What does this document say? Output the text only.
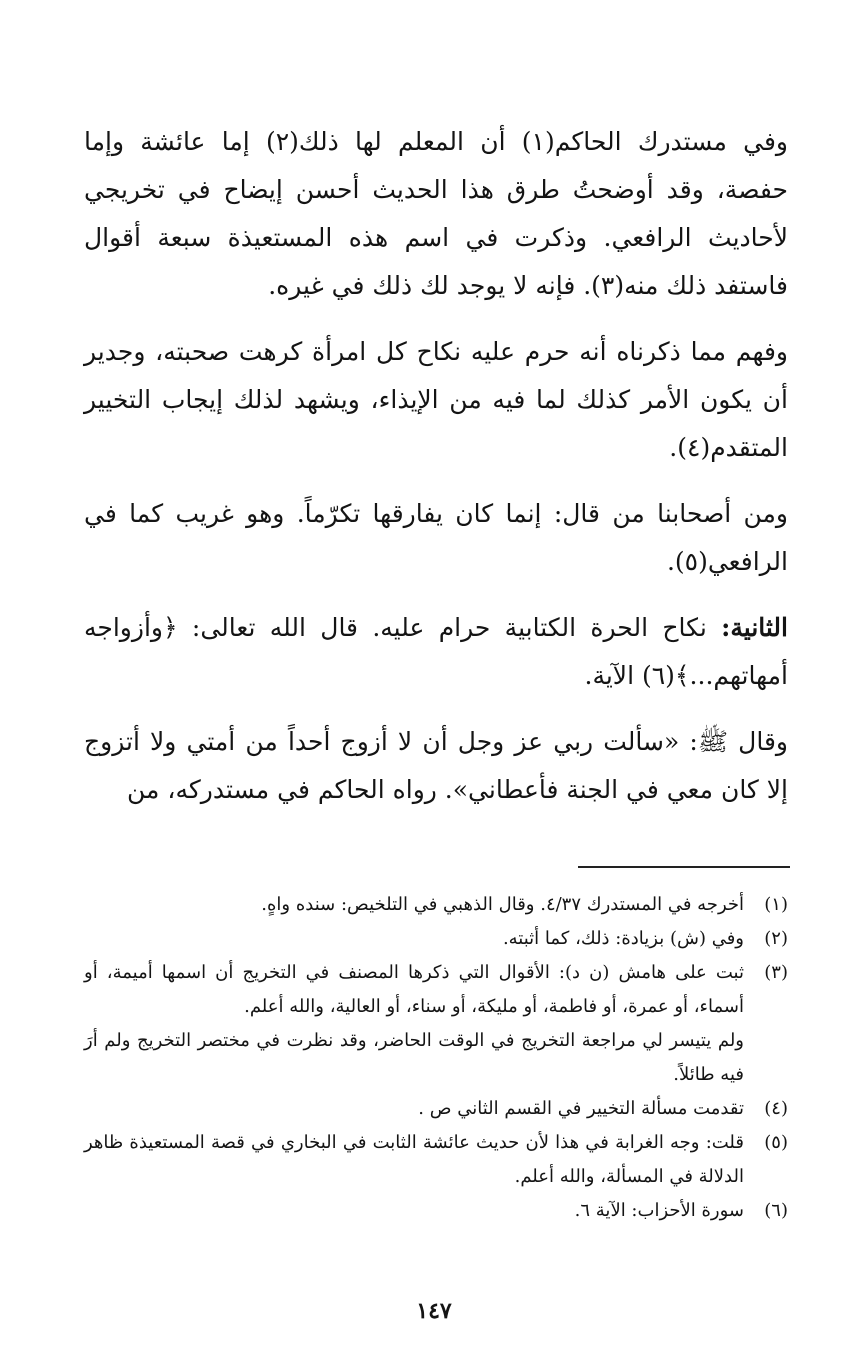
وفي مستدرك الحاكم(١) أن المعلم لها ذلك(٢) إما عائشة وإما حفصة، وقد أوضحتُ طرق هذا الحديث أحسن إيضاح في تخريجي لأحاديث الرافعي. وذكرت في اسم هذه المستعيذة سبعة أقوال فاستفد ذلك منه(٣). فإنه لا يوجد لك ذلك في غيره.

وفهم مما ذكرناه أنه حرم عليه نكاح كل امرأة كرهت صحبته، وجدير أن يكون الأمر كذلك لما فيه من الإيذاء، ويشهد لذلك إيجاب التخيير المتقدم(٤).

ومن أصحابنا من قال: إنما كان يفارقها تكرّماً. وهو غريب كما في الرافعي(٥).

الثانية: نكاح الحرة الكتابية حرام عليه. قال الله تعالى: ﴿وأزواجه أمهاتهم...﴾(٦) الآية.

وقال ﷺ: «سألت ربي عز وجل أن لا أزوج أحداً من أمتي ولا أتزوج إلا كان معي في الجنة فأعطاني». رواه الحاكم في مستدركه، من

(١)
أخرجه في المستدرك ٤/٣٧. وقال الذهبي في التلخيص: سنده واهٍ.
(٢)
وفي (ش) بزيادة: ذلك، كما أثبته.
(٣)
ثبت على هامش (ن د): الأقوال التي ذكرها المصنف في التخريج أن اسمها أميمة، أو أسماء، أو عمرة، أو فاطمة، أو مليكة، أو سناء، أو العالية، والله أعلم.
ولم يتيسر لي مراجعة التخريج في الوقت الحاضر، وقد نظرت في مختصر التخريج ولم أرَ فيه طائلاً.
(٤)
تقدمت مسألة التخيير في القسم الثاني ص .
(٥)
قلت: وجه الغرابة في هذا لأن حديث عائشة الثابت في البخاري في قصة المستعيذة ظاهر الدلالة في المسألة، والله أعلم.
(٦)
سورة الأحزاب: الآية ٦.
١٤٧
